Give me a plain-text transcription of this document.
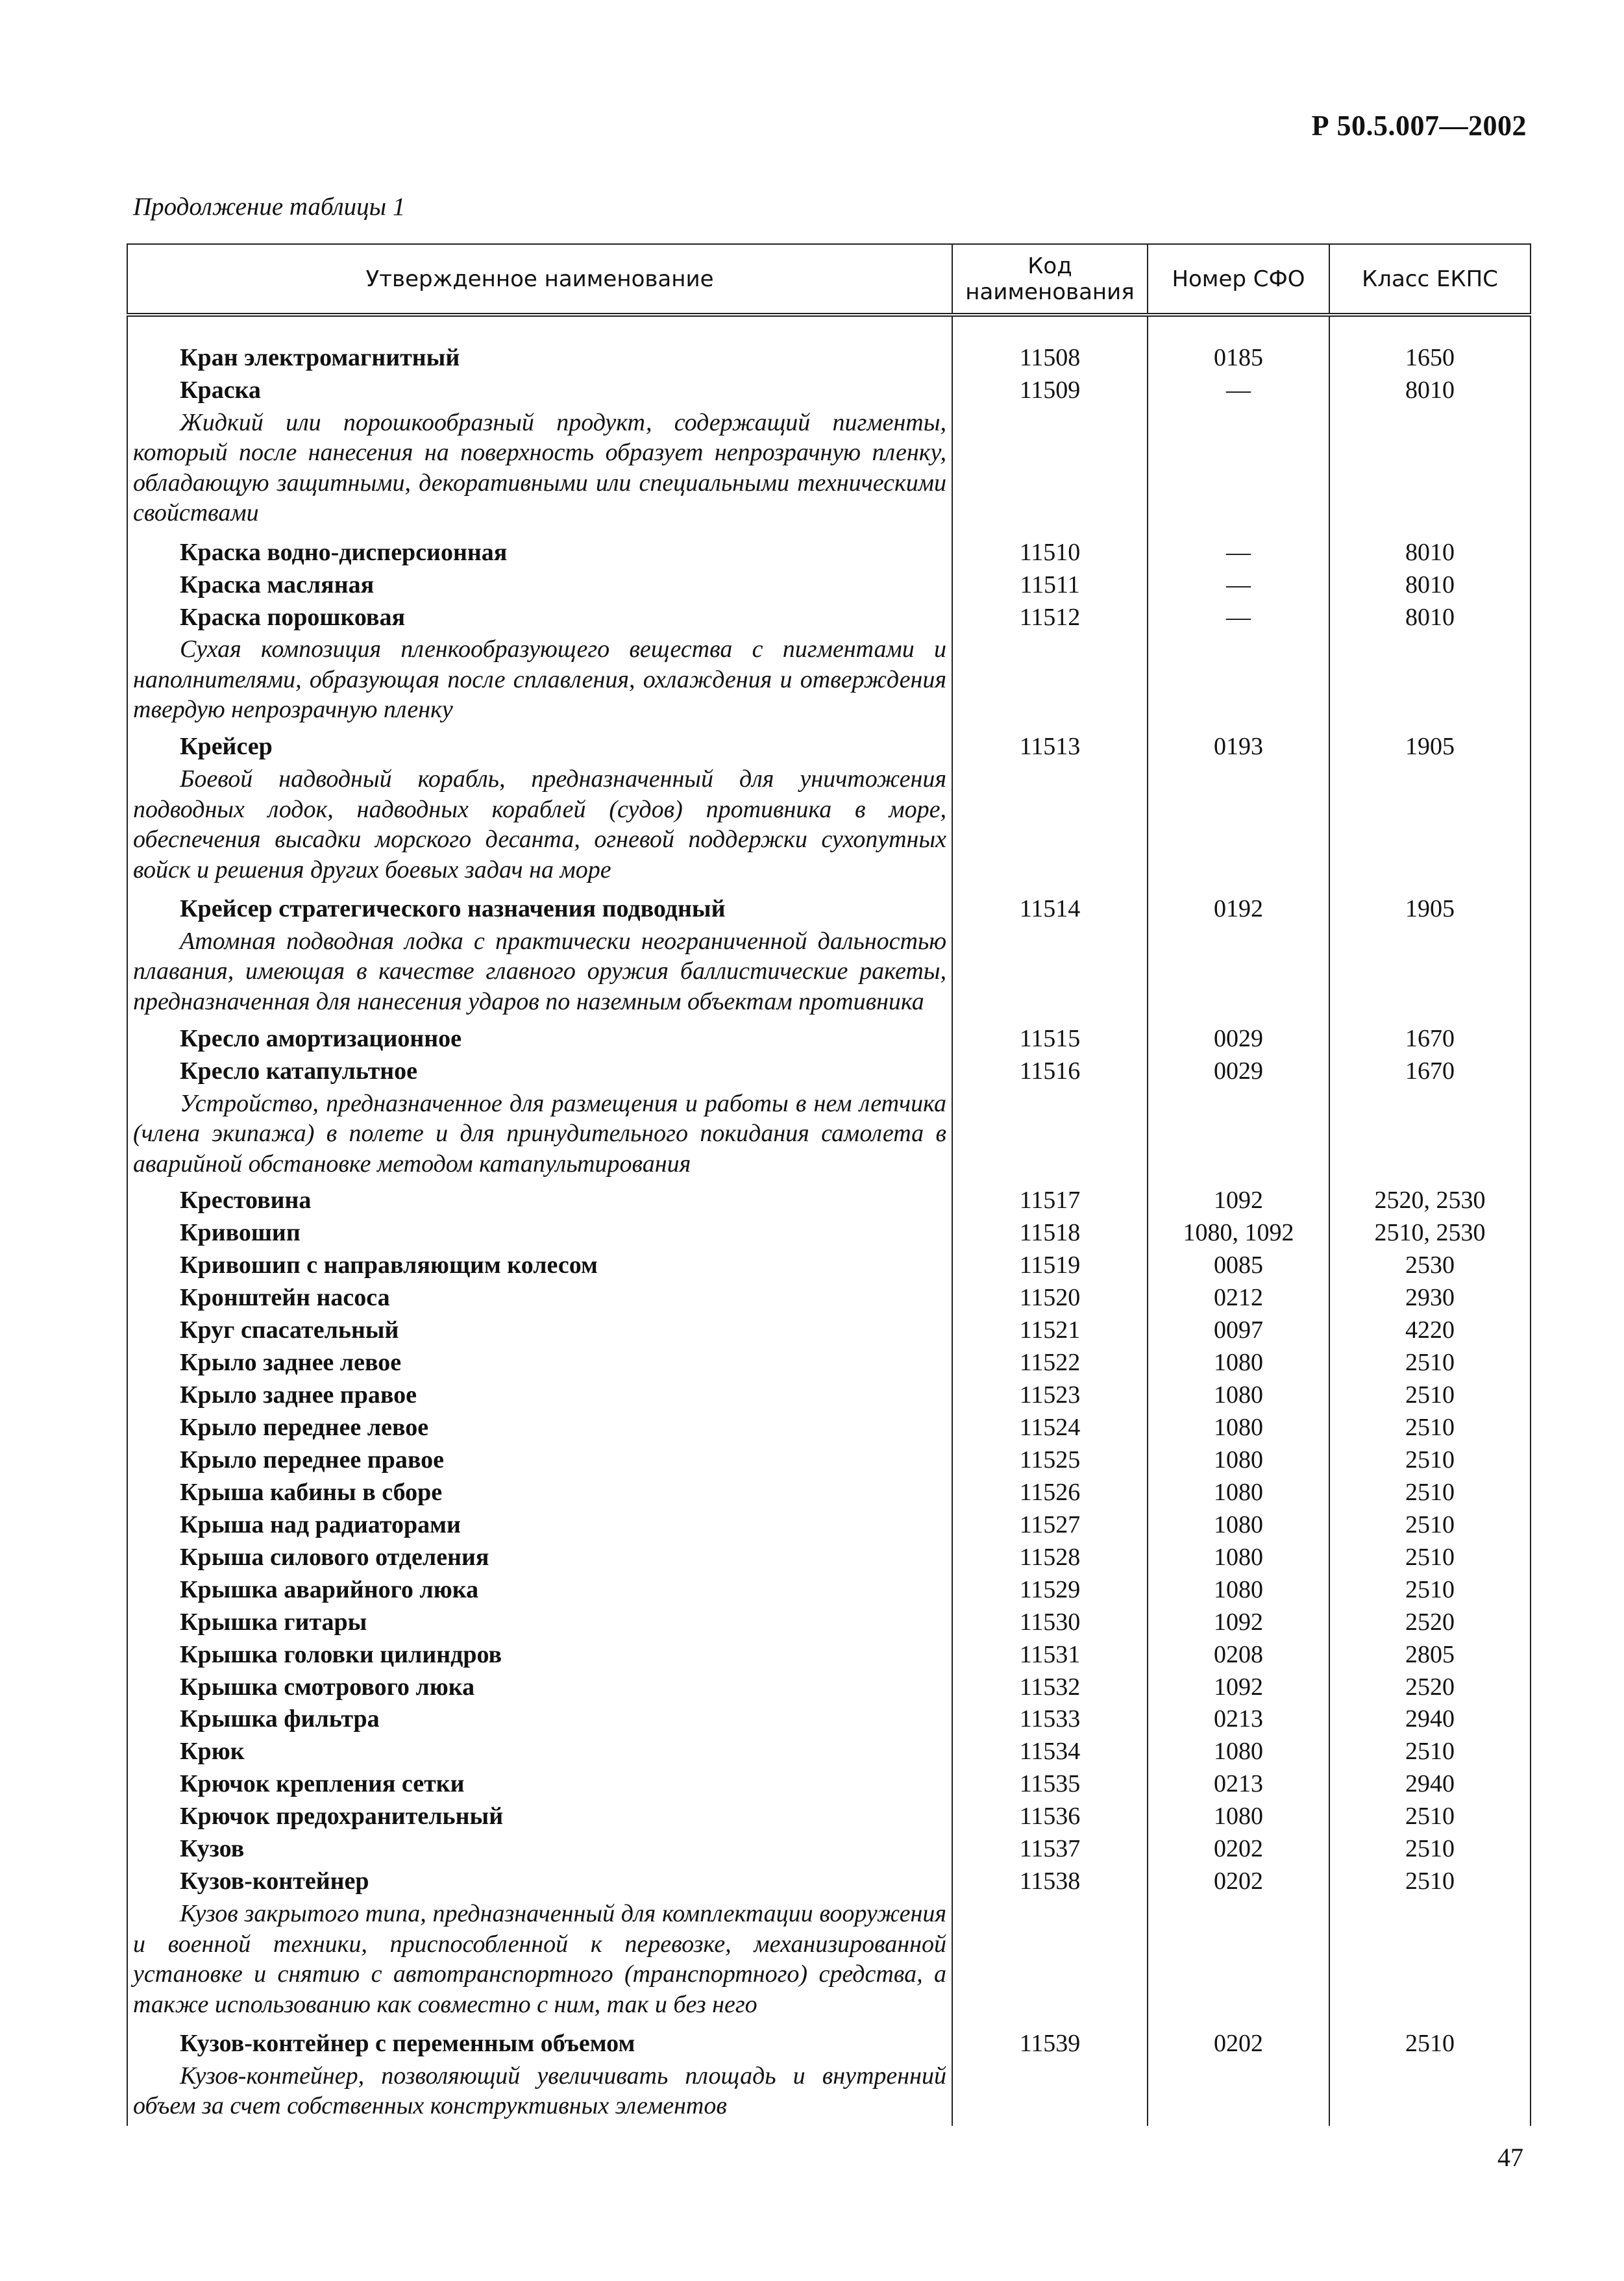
Р 50.5.007—2002
Продолжение таблицы 1
Утвержденное наименование	Код наименования	Номер СФО	Класс ЕКПС

Кран электромагнитный	11508	0185	1650
Краска	11509	—	8010
Жидкий или порошкообразный продукт, содержащий пигменты, который после нанесения на поверхность образует непрозрачную пленку, обладающую защитными, декоративными или специальными техническими свойствами			
Краска водно-дисперсионная	11510	—	8010
Краска масляная	11511	—	8010
Краска порошковая	11512	—	8010
Сухая композиция пленкообразующего вещества с пигментами и наполнителями, образующая после сплавления, охлаждения и отверждения твердую непрозрачную пленку			
Крейсер	11513	0193	1905
Боевой надводный корабль, предназначенный для уничтожения подводных лодок, надводных кораблей (судов) противника в море, обеспечения высадки морского десанта, огневой поддержки сухопутных войск и решения других боевых задач на море			
Крейсер стратегического назначения подводный	11514	0192	1905
Атомная подводная лодка с практически неограниченной дальностью плавания, имеющая в качестве главного оружия баллистические ракеты, предназначенная для нанесения ударов по наземным объектам противника			
Кресло амортизационное	11515	0029	1670
Кресло катапультное	11516	0029	1670
Устройство, предназначенное для размещения и работы в нем летчика (члена экипажа) в полете и для принудительного покидания самолета в аварийной обстановке методом катапультирования			
Крестовина	11517	1092	2520, 2530
Кривошип	11518	1080, 1092	2510, 2530
Кривошип с направляющим колесом	11519	0085	2530
Кронштейн насоса	11520	0212	2930
Круг спасательный	11521	0097	4220
Крыло заднее левое	11522	1080	2510
Крыло заднее правое	11523	1080	2510
Крыло переднее левое	11524	1080	2510
Крыло переднее правое	11525	1080	2510
Крыша кабины в сборе	11526	1080	2510
Крыша над радиаторами	11527	1080	2510
Крыша силового отделения	11528	1080	2510
Крышка аварийного люка	11529	1080	2510
Крышка гитары	11530	1092	2520
Крышка головки цилиндров	11531	0208	2805
Крышка смотрового люка	11532	1092	2520
Крышка фильтра	11533	0213	2940
Крюк	11534	1080	2510
Крючок крепления сетки	11535	0213	2940
Крючок предохранительный	11536	1080	2510
Кузов	11537	0202	2510
Кузов-контейнер	11538	0202	2510
Кузов закрытого типа, предназначенный для комплектации вооружения и военной техники, приспособленной к перевозке, механизированной установке и снятию с автотранспортного (транспортного) средства, а также использованию как совместно с ним, так и без него			
Кузов-контейнер с переменным объемом	11539	0202	2510
Кузов-контейнер, позволяющий увеличивать площадь и внутренний объем за счет собственных конструктивных элементов			

47
